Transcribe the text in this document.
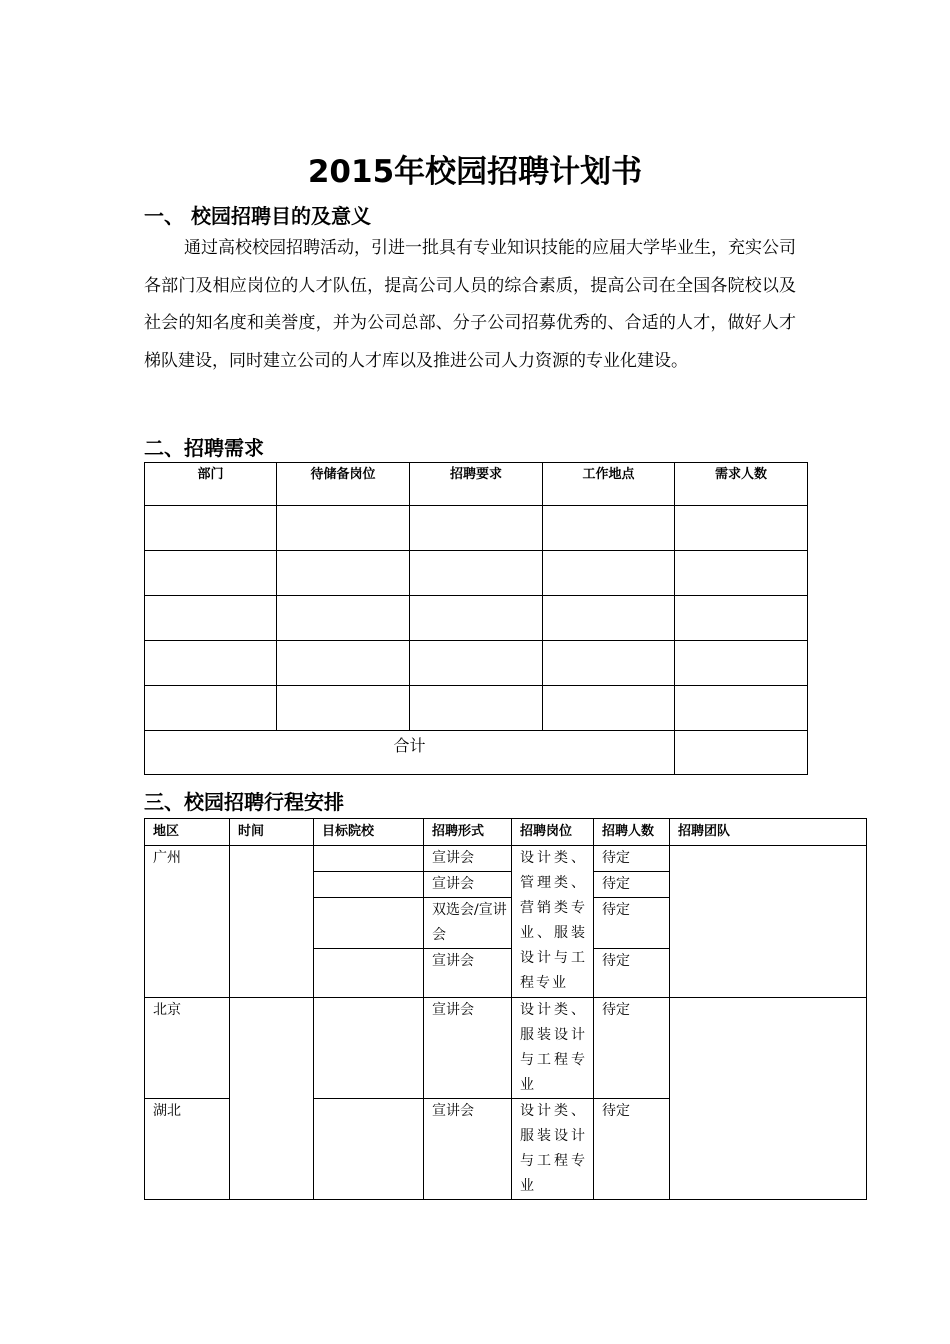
2015年校园招聘计划书
一、 校园招聘目的及意义

通过高校校园招聘活动，引进一批具有专业知识技能的应届大学毕业生，充实公司各部门及相应岗位的人才队伍，提高公司人员的综合素质，提高公司在全国各院校以及社会的知名度和美誉度，并为公司总部、分子公司招募优秀的、合适的人才，做好人才梯队建设，同时建立公司的人才库以及推进公司人力资源的专业化建设。

二、招聘需求
部门	待储备岗位	招聘要求	工作地点	需求人数

合计				
三、校园招聘行程安排
地区	时间	目标院校	招聘形式	招聘岗位	招聘人数	招聘团队
广州			宣讲会	设计类、管理类、营销类专业、服装设计与工程专业	待定	
			宣讲会		待定	
			双选会/宣讲会		待定	
			宣讲会		待定	
北京			宣讲会	设计类、服装设计与工程专业	待定	
湖北			宣讲会	设计类、服装设计与工程专业	待定	
